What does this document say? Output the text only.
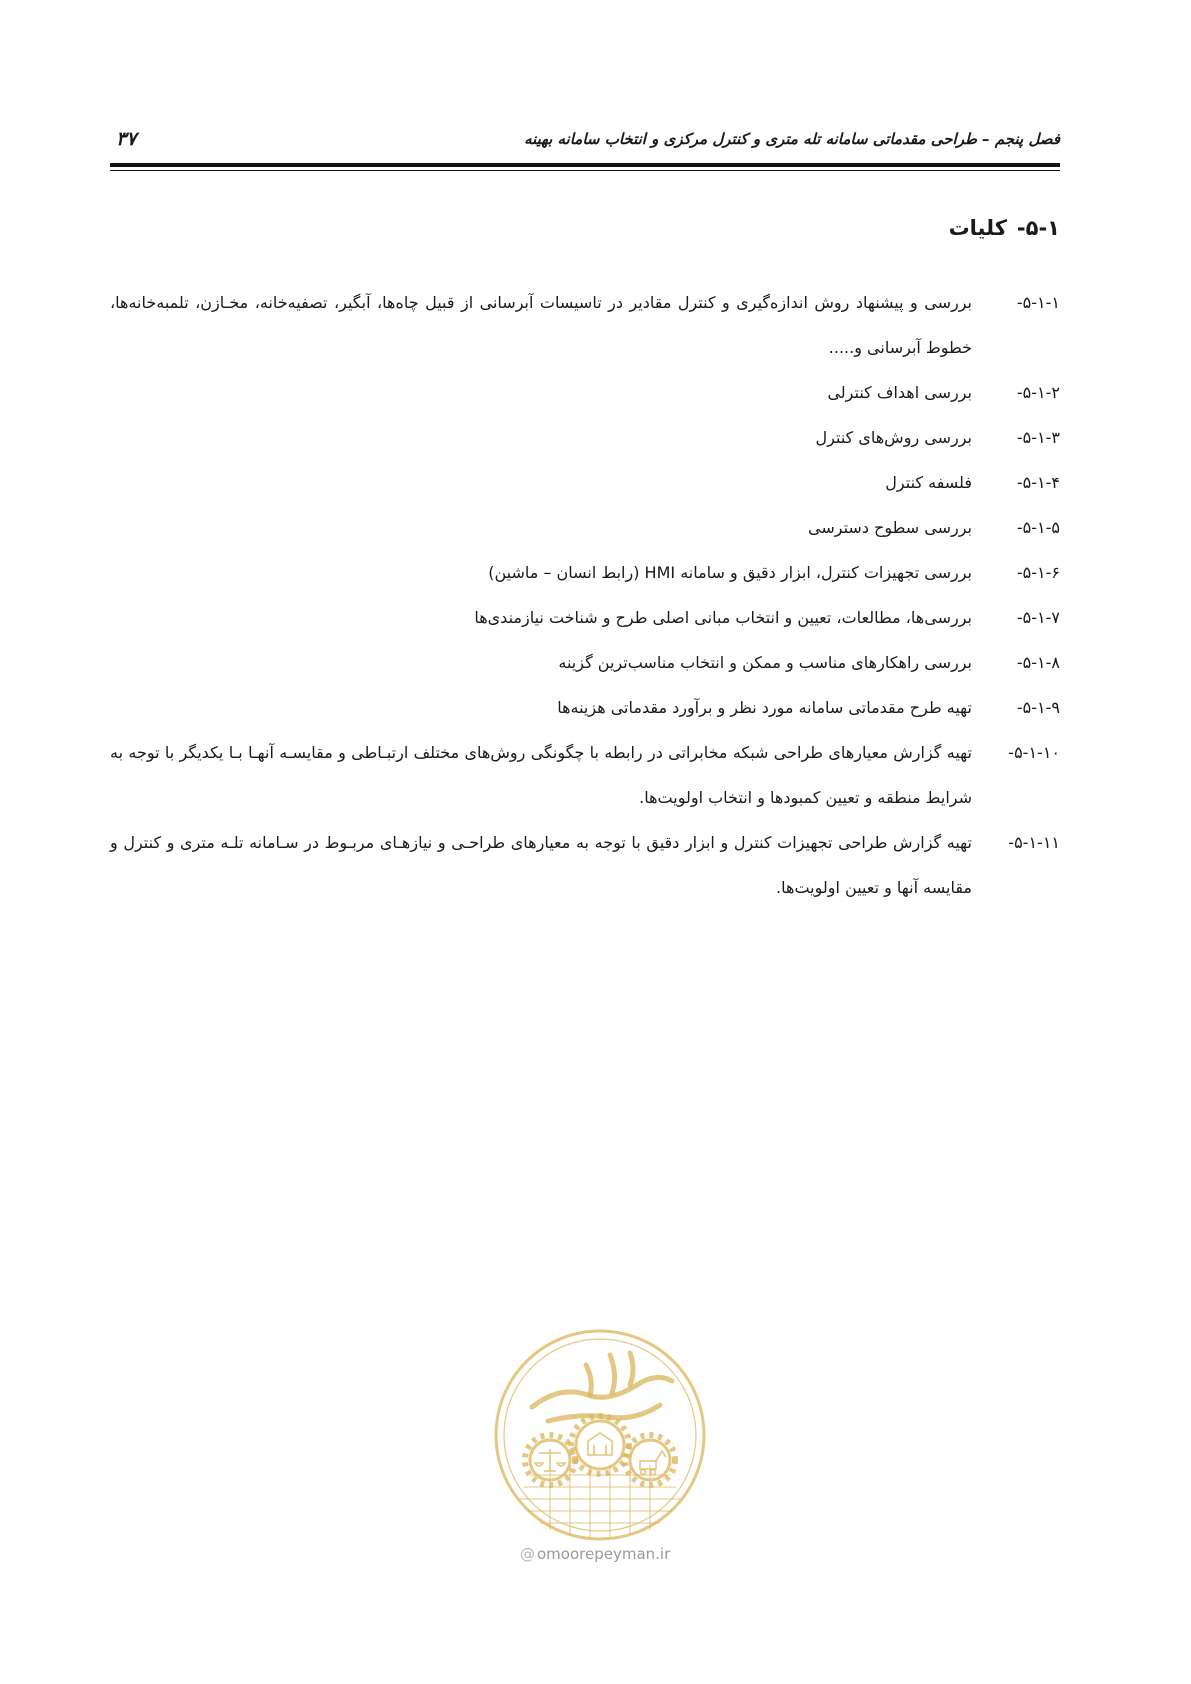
فصل پنجم – طراحی مقدماتی سامانه تله متری و کنترل مرکزی و انتخاب سامانه بهینه
۳۷
۵-۱-کلیات
۵-۱-۱-
بررسی و پیشنهاد روش اندازه‌گیری و کنترل مقادیر در تاسیسات آبرسانی از قبیل چاه‌ها، آبگیر، تصفیه‌خانه، مخـازن، تلمبه‌خانه‌ها، خطوط آبرسانی و.....
۵-۱-۲-
بررسی اهداف کنترلی
۵-۱-۳-
بررسی روش‌های کنترل
۵-۱-۴-
فلسفه کنترل
۵-۱-۵-
بررسی سطوح دسترسی
۵-۱-۶-
بررسی تجهیزات کنترل، ابزار دقیق و سامانه HMI (رابط انسان – ماشین)
۵-۱-۷-
بررسی‌ها، مطالعات، تعیین و انتخاب مبانی اصلی طرح و شناخت نیازمندی‌ها
۵-۱-۸-
بررسی راهکارهای مناسب و ممکن و انتخاب مناسب‌ترین گزینه
۵-۱-۹-
تهیه طرح مقدماتی سامانه مورد نظر و برآورد مقدماتی هزینه‌ها
۵-۱-۱۰-
تهیه گزارش معیارهای طراحی شبکه مخابراتی در رابطه با چگونگی روش‌های مختلف ارتبـاطی و مقایسـه آنهـا بـا یکدیگر با توجه به شرایط منطقه و تعیین کمبودها و انتخاب اولویت‌ها.
۵-۱-۱۱-
تهیه گزارش طراحی تجهیزات کنترل و ابزار دقیق با توجه به معیارهای طراحـی و نیازهـای مربـوط در سـامانه تلـه متری و کنترل و مقایسه آنها و تعیین اولویت‌ها.
@ omoorepeyman.ir
